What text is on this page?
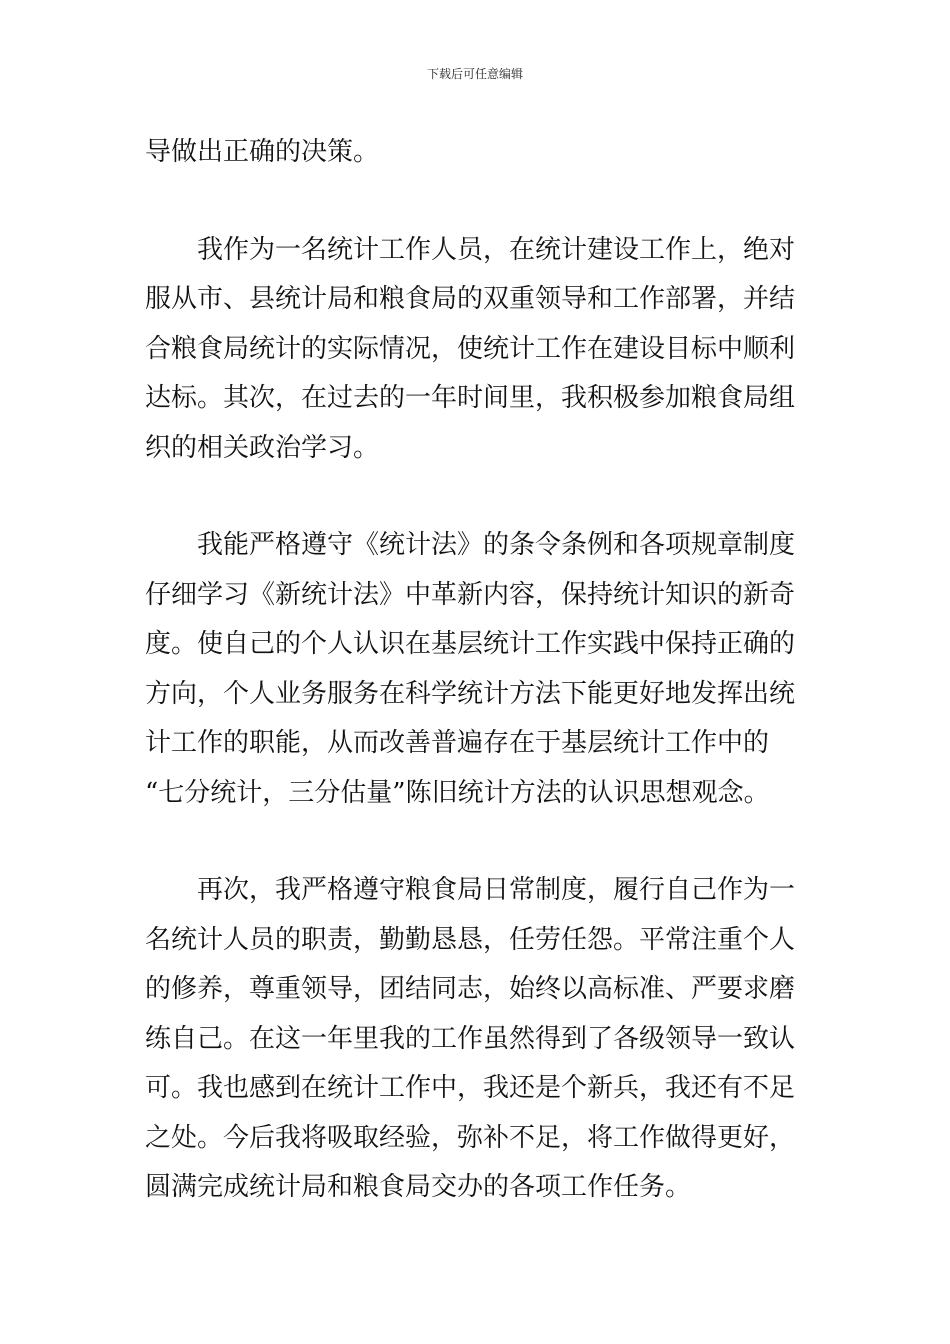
下载后可任意编辑
导做出正确的决策。
　　我作为一名统计工作人员，在统计建设工作上，绝对
服从市、县统计局和粮食局的双重领导和工作部署，并结
合粮食局统计的实际情况，使统计工作在建设目标中顺利
达标。其次，在过去的一年时间里，我积极参加粮食局组
织的相关政治学习。
　　我能严格遵守《统计法》的条令条例和各项规章制度
仔细学习《新统计法》中革新内容，保持统计知识的新奇
度。使自己的个人认识在基层统计工作实践中保持正确的
方向，个人业务服务在科学统计方法下能更好地发挥出统
计工作的职能，从而改善普遍存在于基层统计工作中的
“七分统计，三分估量”陈旧统计方法的认识思想观念。
　　再次，我严格遵守粮食局日常制度，履行自己作为一
名统计人员的职责，勤勤恳恳，任劳任怨。平常注重个人
的修养，尊重领导，团结同志，始终以高标准、严要求磨
练自己。在这一年里我的工作虽然得到了各级领导一致认
可。我也感到在统计工作中，我还是个新兵，我还有不足
之处。今后我将吸取经验，弥补不足，将工作做得更好，
圆满完成统计局和粮食局交办的各项工作任务。
